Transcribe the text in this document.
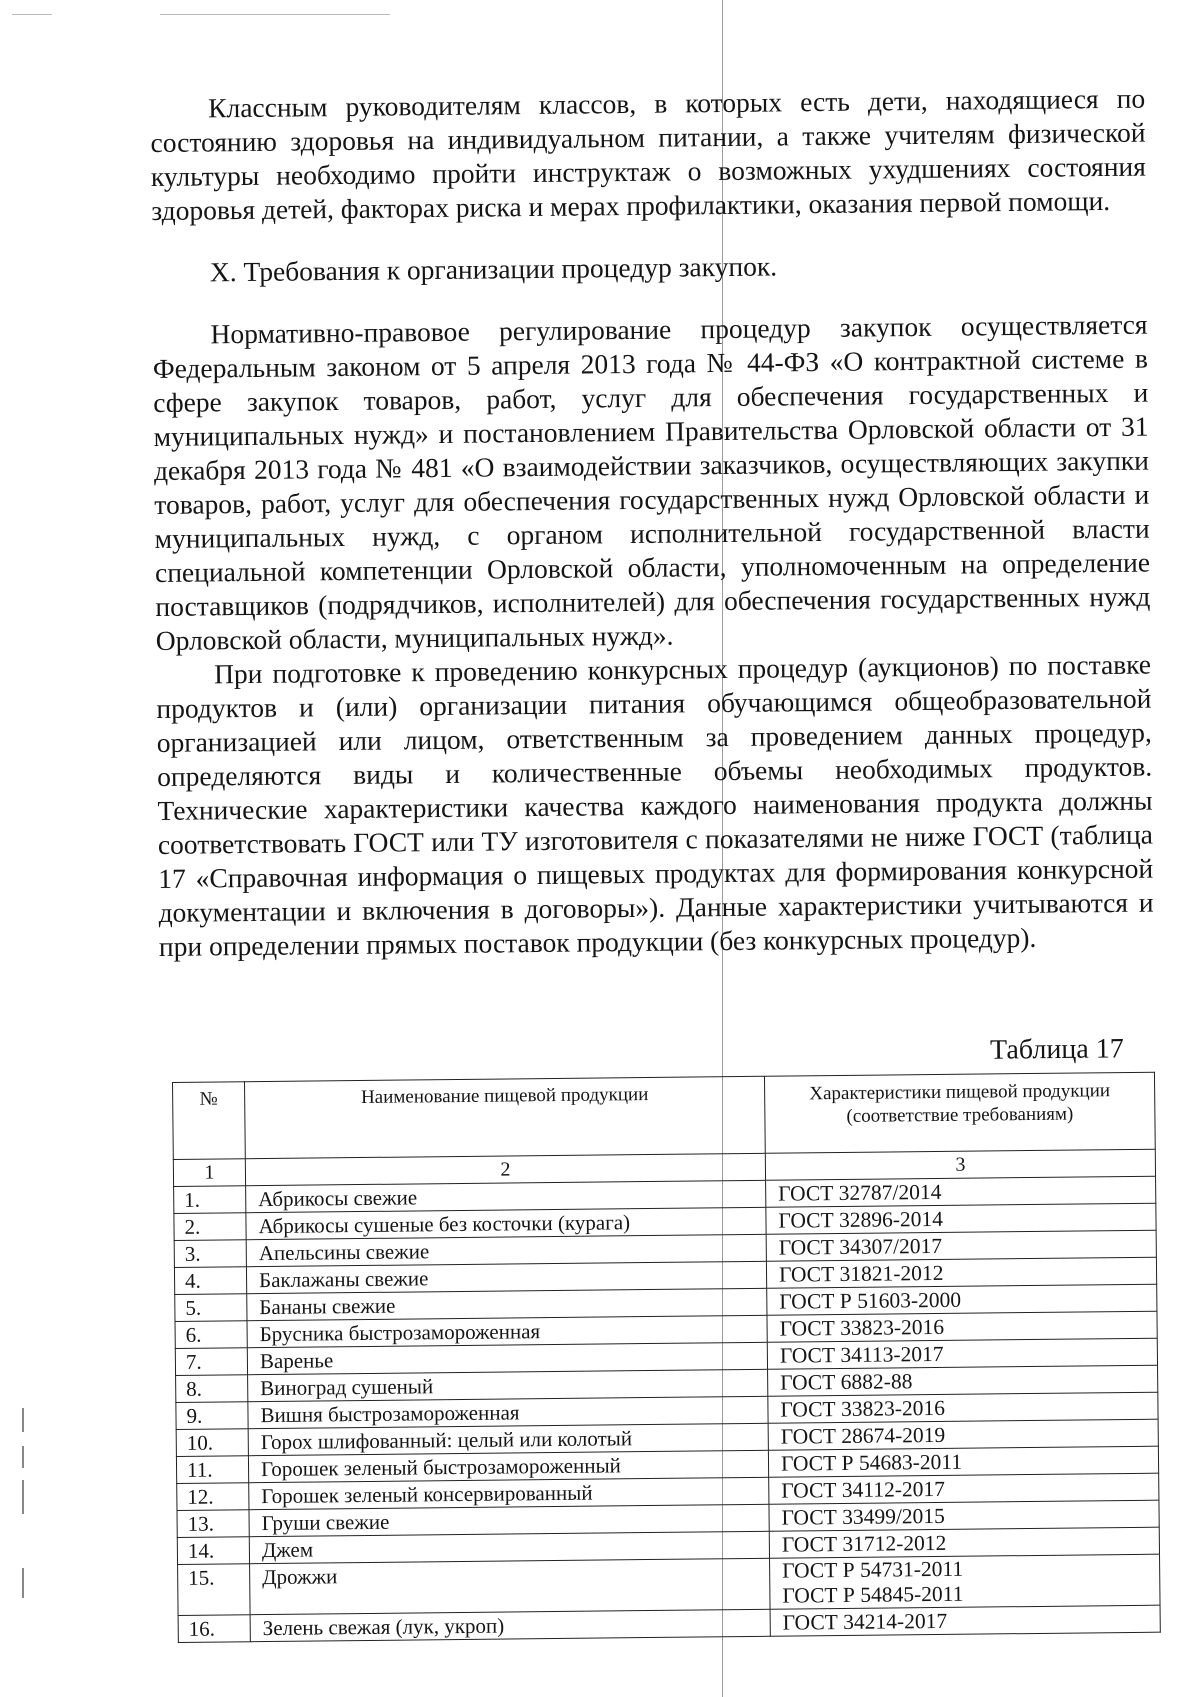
Классным руководителям классов, в которых есть дети, находящиеся по состоянию здоровья на индивидуальном питании, а также учителям физической культуры необходимо пройти инструктаж о возможных ухудшениях состояния здоровья детей, факторах риска и мерах профилактики, оказания первой помощи.

X. Требования к организации процедур закупок.

Нормативно-правовое регулирование процедур закупок осуществляется Федеральным законом от 5 апреля 2013 года № 44-ФЗ «О контрактной системе в сфере закупок товаров, работ, услуг для обеспечения государственных и муниципальных нужд» и постановлением Правительства Орловской области от 31 декабря 2013 года № 481 «О взаимодействии заказчиков, осуществляющих закупки товаров, работ, услуг для обеспечения государственных нужд Орловской области и муниципальных нужд, с органом исполнительной государственной власти специальной компетенции Орловской области, уполномоченным на определение поставщиков (подрядчиков, исполнителей) для обеспечения государственных нужд Орловской области, муниципальных нужд».

При подготовке к проведению конкурсных процедур (аукционов) по поставке продуктов и (или) организации питания обучающимся общеобразовательной организацией или лицом, ответственным за проведением данных процедур, определяются виды и количественные объемы необходимых продуктов. Технические характеристики качества каждого наименования продукта должны соответствовать ГОСТ или ТУ изготовителя с показателями не ниже ГОСТ (таблица 17 «Справочная информация о пищевых продуктах для формирования конкурсной документации и включения в договоры»). Данные характеристики учитываются и при определении прямых поставок продукции (без конкурсных процедур).

Таблица 17
№	Наименование пищевой продукции	Характеристики пищевой продукции (соответствие требованиям)
1	2	3
1.	Абрикосы свежие	ГОСТ 32787/2014
2.	Абрикосы сушеные без косточки (курага)	ГОСТ 32896-2014
3.	Апельсины свежие	ГОСТ 34307/2017
4.	Баклажаны свежие	ГОСТ 31821-2012
5.	Бананы свежие	ГОСТ Р 51603-2000
6.	Брусника быстрозамороженная	ГОСТ 33823-2016
7.	Варенье	ГОСТ 34113-2017
8.	Виноград сушеный	ГОСТ 6882-88
9.	Вишня быстрозамороженная	ГОСТ 33823-2016
10.	Горох шлифованный: целый или колотый	ГОСТ 28674-2019
11.	Горошек зеленый быстрозамороженный	ГОСТ Р 54683-2011
12.	Горошек зеленый консервированный	ГОСТ 34112-2017
13.	Груши свежие	ГОСТ 33499/2015
14.	Джем	ГОСТ 31712-2012
15.	Дрожжи	ГОСТ Р 54731-2011
ГОСТ Р 54845-2011

16.	Зелень свежая (лук, укроп)	ГОСТ 34214-2017
